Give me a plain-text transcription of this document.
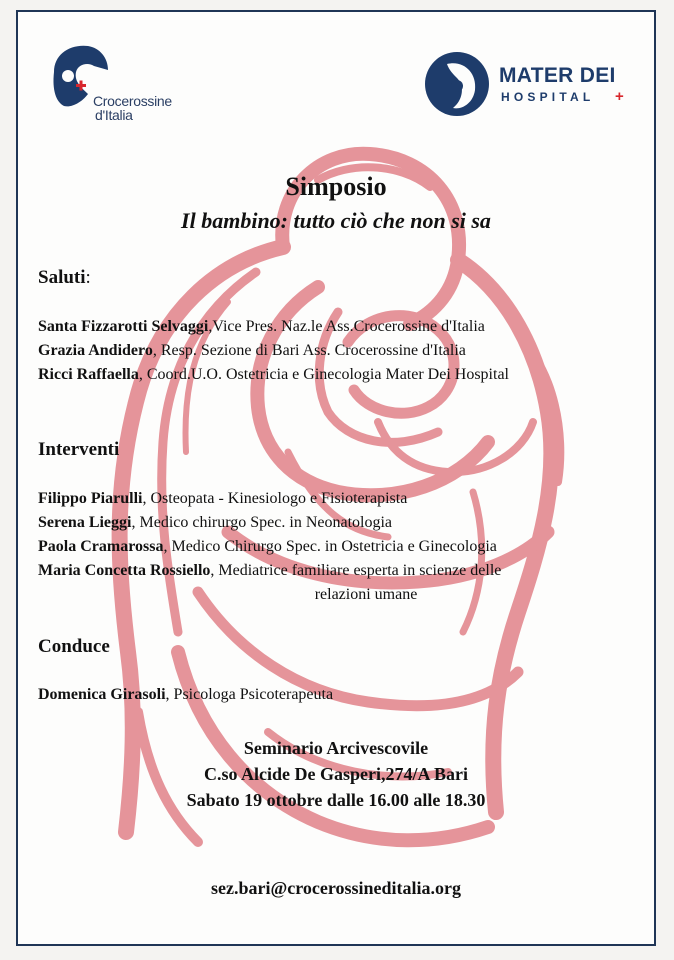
Crocerossine
d'Italia
MATER DEI
HOSPITAL +
Simposio
Il bambino: tutto ciò che non si sa
Saluti:
Santa Fizzarotti Selvaggi,Vice Pres. Naz.le Ass.Crocerossine d'Italia
Grazia Andidero, Resp. Sezione di Bari Ass. Crocerossine d'Italia
Ricci Raffaella, Coord.U.O. Ostetricia e Ginecologia Mater Dei Hospital
Interventi
Filippo Piarulli, Osteopata - Kinesiologo e Fisioterapista
Serena Lieggi, Medico chirurgo Spec. in Neonatologia
Paola Cramarossa, Medico Chirurgo Spec. in Ostetricia e Ginecologia
Maria Concetta Rossiello, Mediatrice familiare esperta in scienze delle
relazioni umane
Conduce
Domenica Girasoli, Psicologa Psicoterapeuta
Seminario Arcivescovile
C.so Alcide De Gasperi,274/A Bari
Sabato 19 ottobre dalle 16.00 alle 18.30
sez.bari@crocerossineditalia.org
